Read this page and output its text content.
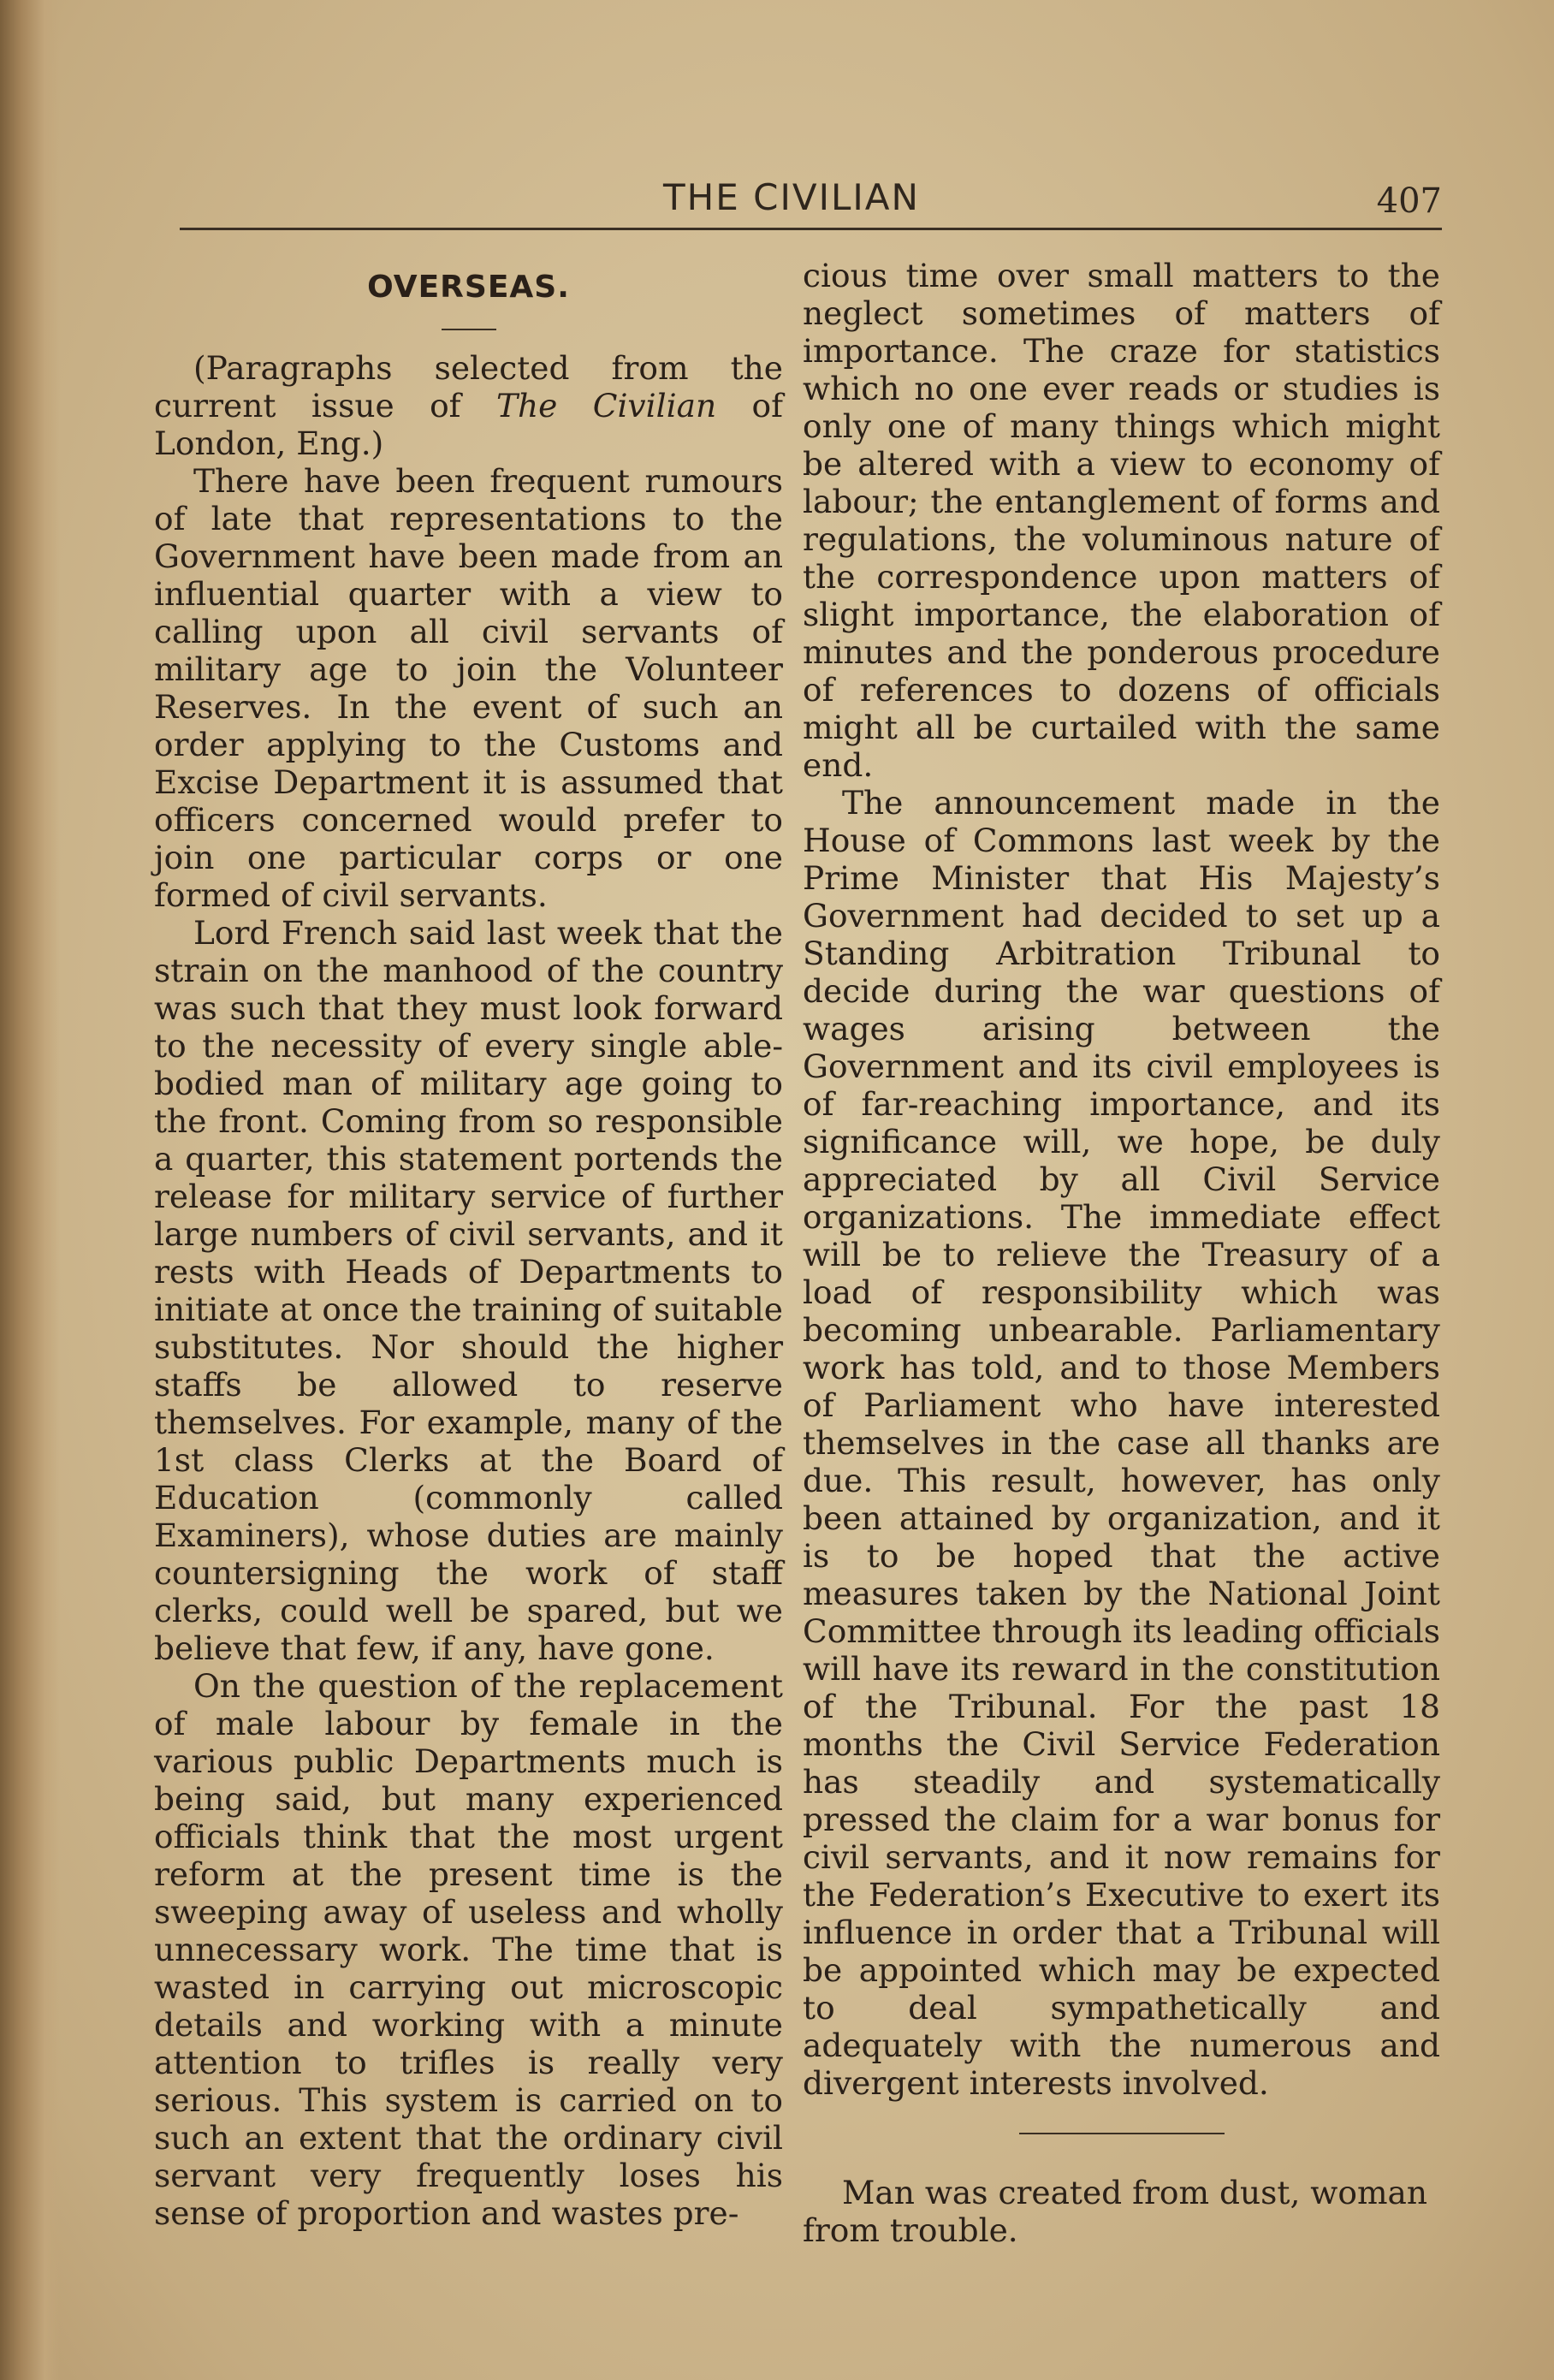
THE CIVILIAN	407
OVERSEAS.

(Paragraphs selected from the current issue of The Civilian of London, Eng.)

There have been frequent rumours of late that representations to the Government have been made from an influential quarter with a view to calling upon all civil servants of military age to join the Volunteer Reserves. In the event of such an order applying to the Customs and Excise Department it is assumed that officers concerned would prefer to join one particular corps or one formed of civil servants.

Lord French said last week that the strain on the manhood of the country was such that they must look forward to the necessity of every single able-bodied man of military age going to the front. Coming from so responsible a quarter, this statement portends the release for military service of further large numbers of civil servants, and it rests with Heads of Departments to initiate at once the training of suitable substitutes. Nor should the higher staffs be allowed to reserve themselves. For example, many of the 1st class Clerks at the Board of Education (commonly called Examiners), whose duties are mainly countersigning the work of staff clerks, could well be spared, but we believe that few, if any, have gone.

On the question of the replacement of male labour by female in the various public Departments much is being said, but many experienced officials think that the most urgent reform at the present time is the sweeping away of useless and wholly unnecessary work. The time that is wasted in carrying out microscopic details and working with a minute attention to trifles is really very serious. This system is carried on to such an extent that the ordinary civil servant very frequently loses his sense of proportion and wastes pre-

cious time over small matters to the neglect sometimes of matters of importance. The craze for statistics which no one ever reads or studies is only one of many things which might be altered with a view to economy of labour; the entanglement of forms and regulations, the voluminous nature of the correspondence upon matters of slight importance, the elaboration of minutes and the ponderous procedure of references to dozens of officials might all be curtailed with the same end.

The announcement made in the House of Commons last week by the Prime Minister that His Majesty’s Government had decided to set up a Standing Arbitration Tribunal to decide during the war questions of wages arising between the Government and its civil employees is of far-reaching importance, and its significance will, we hope, be duly appreciated by all Civil Service organizations. The immediate effect will be to relieve the Treasury of a load of responsibility which was becoming unbearable. Parliamentary work has told, and to those Members of Parliament who have interested themselves in the case all thanks are due. This result, however, has only been attained by organization, and it is to be hoped that the active measures taken by the National Joint Committee through its leading officials will have its reward in the constitution of the Tribunal. For the past 18 months the Civil Service Federation has steadily and systematically pressed the claim for a war bonus for civil servants, and it now remains for the Federation’s Executive to exert its influence in order that a Tribunal will be appointed which may be expected to deal sympathetically and adequately with the numerous and divergent interests involved.

Man was created from dust, woman from trouble.
